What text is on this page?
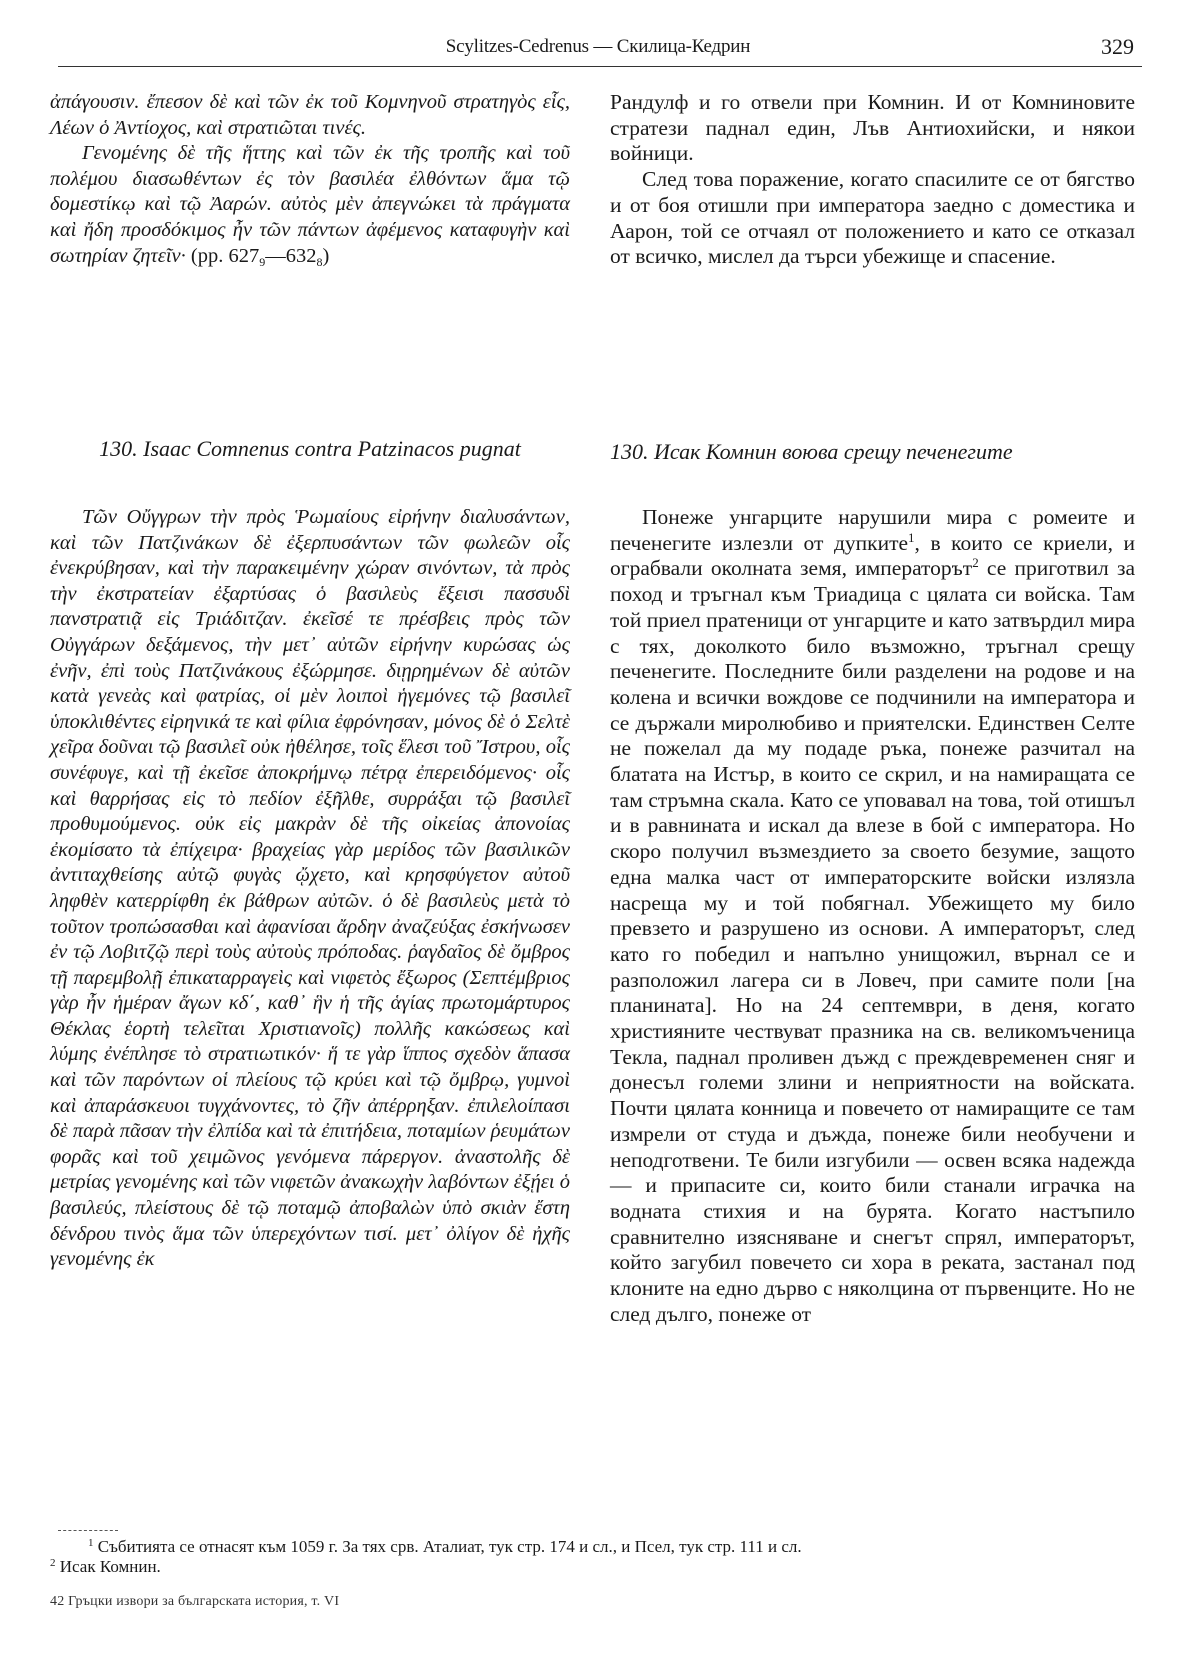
Scylitzes-Cedrenus — Скилица-Кедрин	329

ἀπάγουσιν. ἔπεσον δὲ καὶ τῶν ἐκ τοῦ Κομνηνοῦ στρατηγὸς εἷς, Λέων ὁ Ἀντίοχος, καὶ στρατιῶται τινές.

Γενομένης δὲ τῆς ἥττης καὶ τῶν ἐκ τῆς τροπῆς καὶ τοῦ πολέμου διασωθέντων ἐς τὸν βασιλέα ἐλθόντων ἅμα τῷ δομεστίκῳ καὶ τῷ Ἀαρών. αὐτὸς μὲν ἀπεγνώκει τὰ πράγματα καὶ ἤδη προσδόκιμος ἦν τῶν πάντων ἀφέμενος καταφυγὴν καὶ σωτηρίαν ζητεῖν· (pp. $627_9—632_8$)

Рандулф и го отвели при Комнин. И от Комниновите стратези паднал един, Лъв Антиохийски, и някои войници.

След това поражение, когато спасилите се от бягство и от боя отишли при императора заедно с доместика и Аарон, той се отчаял от положението и като се отказал от всичко, мислел да търси убежище и спасение.

130. Isaac Comnenus contra Patzinacos pugnat	130. Исак Комнин воюва срещу печенегите

Τῶν Οὔγγρων τὴν πρὸς Ῥωμαίους εἰρήνην διαλυσάντων, καὶ τῶν Πατζινάκων δὲ ἐξερπυσάντων τῶν φωλεῶν οἷς ἐνεκρύβησαν, καὶ τὴν παρακειμένην χώραν σινόντων, τὰ πρὸς τὴν ἐκστρατείαν ἐξαρτύσας ὁ βασιλεὺς ἔξεισι πασσυδὶ πανστρατιᾷ εἰς Τριάδιτζαν. ἐκεῖσέ τε πρέσβεις πρὸς τῶν Οὐγγάρων δεξάμενος, τὴν μετ᾽ αὐτῶν εἰρήνην κυρώσας ὡς ἐνῆν, ἐπὶ τοὺς Πατζινάκους ἐξώρμησε. διῃρημένων δὲ αὐτῶν κατὰ γενεὰς καὶ φατρίας, οἱ μὲν λοιποὶ ἡγεμόνες τῷ βασιλεῖ ὑποκλιθέντες εἰρηνικά τε καὶ φίλια ἐφρόνησαν, μόνος δὲ ὁ Σελτὲ χεῖρα δοῦναι τῷ βασιλεῖ οὐκ ἠθέλησε, τοῖς ἕλεσι τοῦ Ἴστρου, οἷς συνέφυγε, καὶ τῇ ἐκεῖσε ἀποκρήμνῳ πέτρᾳ ἐπερειδόμενος· οἷς καὶ θαρρήσας εἰς τὸ πεδίον ἐξῆλθε, συρράξαι τῷ βασιλεῖ προθυμούμενος. οὐκ εἰς μακρὰν δὲ τῆς οἰκείας ἀπονοίας ἐκομίσατο τὰ ἐπίχειρα· βραχείας γὰρ μερίδος τῶν βασιλικῶν ἀντιταχθείσης αὐτῷ φυγὰς ᾤχετο, καὶ κρησφύγετον αὐτοῦ ληφθὲν κατερρίφθη ἐκ βάθρων αὐτῶν. ὁ δὲ βασιλεὺς μετὰ τὸ τοῦτον τροπώσασθαι καὶ ἀφανίσαι ἄρδην ἀναζεύξας ἐσκήνωσεν ἐν τῷ Λοβιτζῷ περὶ τοὺς αὐτοὺς πρόποδας. ῥαγδαῖος δὲ ὄμβρος τῇ παρεμβολῇ ἐπικαταρραγεὶς καὶ νιφετὸς ἔξωρος (Σεπτέμβριος γὰρ ἦν ἡμέραν ἄγων κδ΄, καθ᾽ ἣν ἡ τῆς ἁγίας πρωτομάρτυρος Θέκλας ἑορτὴ τελεῖται Χριστιανοῖς) πολλῆς κακώσεως καὶ λύμης ἐνέπλησε τὸ στρατιωτικόν· ἥ τε γὰρ ἵππος σχεδὸν ἅπασα καὶ τῶν παρόντων οἱ πλείους τῷ κρύει καὶ τῷ ὄμβρῳ, γυμνοὶ καὶ ἀπαράσκευοι τυγχάνοντες, τὸ ζῆν ἀπέρρηξαν. ἐπιλελοίπασι δὲ παρὰ πᾶσαν τὴν ἐλπίδα καὶ τὰ ἐπιτήδεια, ποταμίων ῥευμάτων φορᾶς καὶ τοῦ χειμῶνος γενόμενα πάρεργον. ἀναστολῆς δὲ μετρίας γενομένης καὶ τῶν νιφετῶν ἀνακωχὴν λαβόντων ἐξῄει ὁ βασιλεύς, πλείστους δὲ τῷ ποταμῷ ἀποβαλὼν ὑπὸ σκιὰν ἔστη δένδρου τινὸς ἅμα τῶν ὑπερεχόντων τισί. μετ᾽ ὀλίγον δὲ ἠχῆς γενομένης ἐκ

Понеже унгарците нарушили мира с ромеите и печенегите излезли от дупките$^1$, в които се криели, и ограбвали околната земя, императорът$^2$ се приготвил за поход и тръгнал към Триадица с цялата си войска. Там той приел пратеници от унгарците и като затвърдил мира с тях, доколкото било възможно, тръгнал срещу печенегите. Последните били разделени на родове и на колена и всички вождове се подчинили на императора и се държали миролюбиво и приятелски. Единствен Селте не пожелал да му подаде ръка, понеже разчитал на блатата на Истър, в които се скрил, и на намиращата се там стръмна скала. Като се уповавал на това, той отишъл и в равнината и искал да влезе в бой с императора. Но скоро получил възмездието за своето безумие, защото една малка част от императорските войски излязла насреща му и той побягнал. Убежището му било превзето и разрушено из основи. А императорът, след като го победил и напълно унищожил, върнал се и разположил лагера си в Ловеч, при самите поли [на планината]. Но на 24 септември, в деня, когато християните чествуват празника на св. великомъченица Текла, паднал проливен дъжд с преждевременен сняг и донесъл големи злини и неприятности на войската. Почти цялата конница и повечето от намиращите се там измрели от студа и дъжда, понеже били необучени и неподготвени. Те били изгубили — освен всяка надежда — и припасите си, които били станали играчка на водната стихия и на бурята. Когато настъпило сравнително изясняване и снегът спрял, императорът, който загубил повечето си хора в реката, застанал под клоните на едно дърво с няколцина от първенците. Но не след дълго, понеже от

$^1$ Събитията се отнасят към 1059 г. За тях срв. Аталиат, тук стр. 174 и сл., и Псел, тук стр. 111 и сл.
$^2$ Исак Комнин.
42 Гръцки извори за българската история, т. VI
